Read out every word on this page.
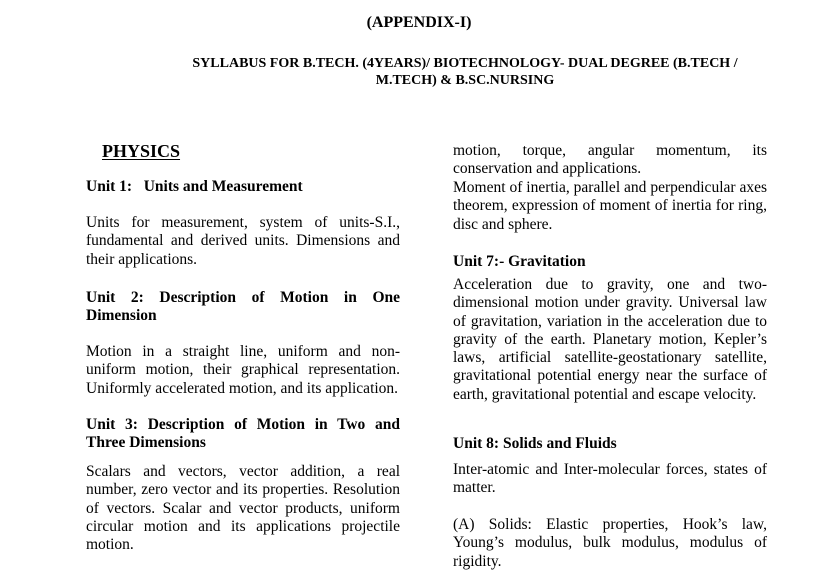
(APPENDIX-I)
SYLLABUS FOR B.TECH. (4YEARS)/ BIOTECHNOLOGY- DUAL DEGREE (B.TECH /
M.TECH) & B.SC.NURSING
PHYSICS
Unit 1:   Units and Measurement
Units for measurement, system of units-S.I., fundamental and derived units. Dimensions and their applications.
Unit 2: Description of Motion in One Dimension
Motion in a straight line, uniform and non-uniform motion, their graphical representation. Uniformly accelerated motion, and its application.
Unit 3: Description of Motion in Two and Three Dimensions
Scalars and vectors, vector addition, a real number, zero vector and its properties. Resolution of vectors. Scalar and vector products, uniform circular motion and its applications projectile motion.
motion, torque, angular momentum, its conservation and applications.
Moment of inertia, parallel and perpendicular axes theorem, expression of moment of inertia for ring, disc and sphere.
Unit 7:- Gravitation
Acceleration due to gravity, one and two-dimensional motion under gravity. Universal law of gravitation, variation in the acceleration due to gravity of the earth. Planetary motion, Kepler’s laws, artificial satellite-geostationary satellite, gravitational potential energy near the surface of earth, gravitational potential and escape velocity.
Unit 8: Solids and Fluids
Inter-atomic and Inter-molecular forces, states of matter.
(A) Solids: Elastic properties, Hook’s law, Young’s modulus, bulk modulus, modulus of rigidity.
